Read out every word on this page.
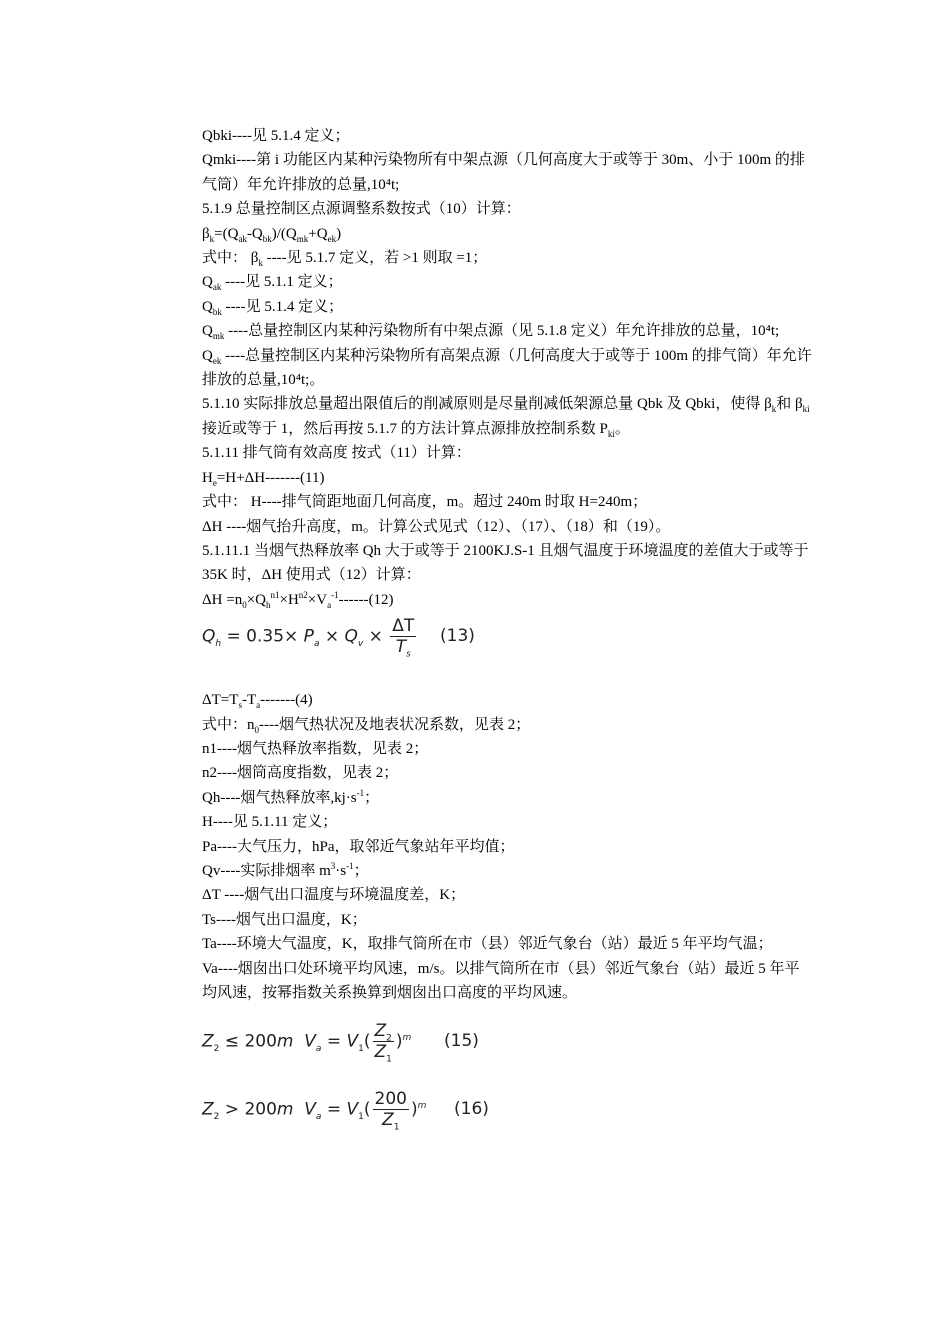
Qbki----见 5.1.4 定义；

Qmki----第 i 功能区内某种污染物所有中架点源（几何高度大于或等于 30m、小于 100m 的排气筒）年允许排放的总量,10⁴t;

5.1.9 总量控制区点源调整系数按式（10）计算：

$\beta_k=(Q_{ak}-Q_{bk})/(Q_{mk}+Q_{ek})$

式中： $\beta_k$ ----见 5.1.7 定义，若 >1 则取 =1；

$Q_{ak}$ ----见 5.1.1 定义；

$Q_{bk}$ ----见 5.1.4 定义；

$Q_{mk}$ ----总量控制区内某种污染物所有中架点源（见 5.1.8 定义）年允许排放的总量，10⁴t;

$Q_{ek}$ ----总量控制区内某种污染物所有高架点源（几何高度大于或等于 100m 的排气筒）年允许排放的总量,10⁴t;。

5.1.10 实际排放总量超出限值后的削减原则是尽量削减低架源总量 Qbk 及 Qbki，使得 $\beta_k$和 $\beta_{ki}$接近或等于 1，然后再按 5.1.7 的方法计算点源排放控制系数 $P_{ki}$。

5.1.11 排气筒有效高度 按式（11）计算：

$H_e=H+\Delta H-------(11)$

式中： H----排气筒距地面几何高度，m。超过 240m 时取 H=240m；

ΔH ----烟气抬升高度，m。计算公式见式（12）、（17）、（18）和（19）。

5.1.11.1 当烟气热释放率 Qh 大于或等于 2100KJ.S-1 且烟气温度于环境温度的差值大于或等于 35K 时，ΔH 使用式（12）计算：

$\Delta H =n_0\times Q_h^{n1}\times H^{n2}\times V_a^{-1}------(12)$

$Q_h = 0.35\times P_a \times Q_v \times \frac{\Delta T}{T_s} (13)$

$\Delta T=T_s-T_a-------(4)$

式中：$n_0----$烟气热状况及地表状况系数，见表 2；

n1----烟气热释放率指数，见表 2；

n2----烟筒高度指数，见表 2；

Qh----烟气热释放率$,kj\cdot s^{-1}$；

H----见 5.1.11 定义；

Pa----大气压力，hPa，取邻近气象站年平均值；

Qv----实际排烟率 $m^3\cdot s^{-1}$；

ΔT ----烟气出口温度与环境温度差，K；

Ts----烟气出口温度，K；

Ta----环境大气温度，K，取排气筒所在市（县）邻近气象台（站）最近 5 年平均气温；

Va----烟囱出口处环境平均风速，m/s。以排气筒所在市（县）邻近气象台（站）最近 5 年平均风速，按幂指数关系换算到烟囱出口高度的平均风速。

$Z_2 \le 200m$ $V_a = V_1( \frac{Z_2}{Z_1} )^m$ (15)
$Z_2 > 200m$ $V_a = V_1( \frac{200}{Z_1} )^m$ (16)
